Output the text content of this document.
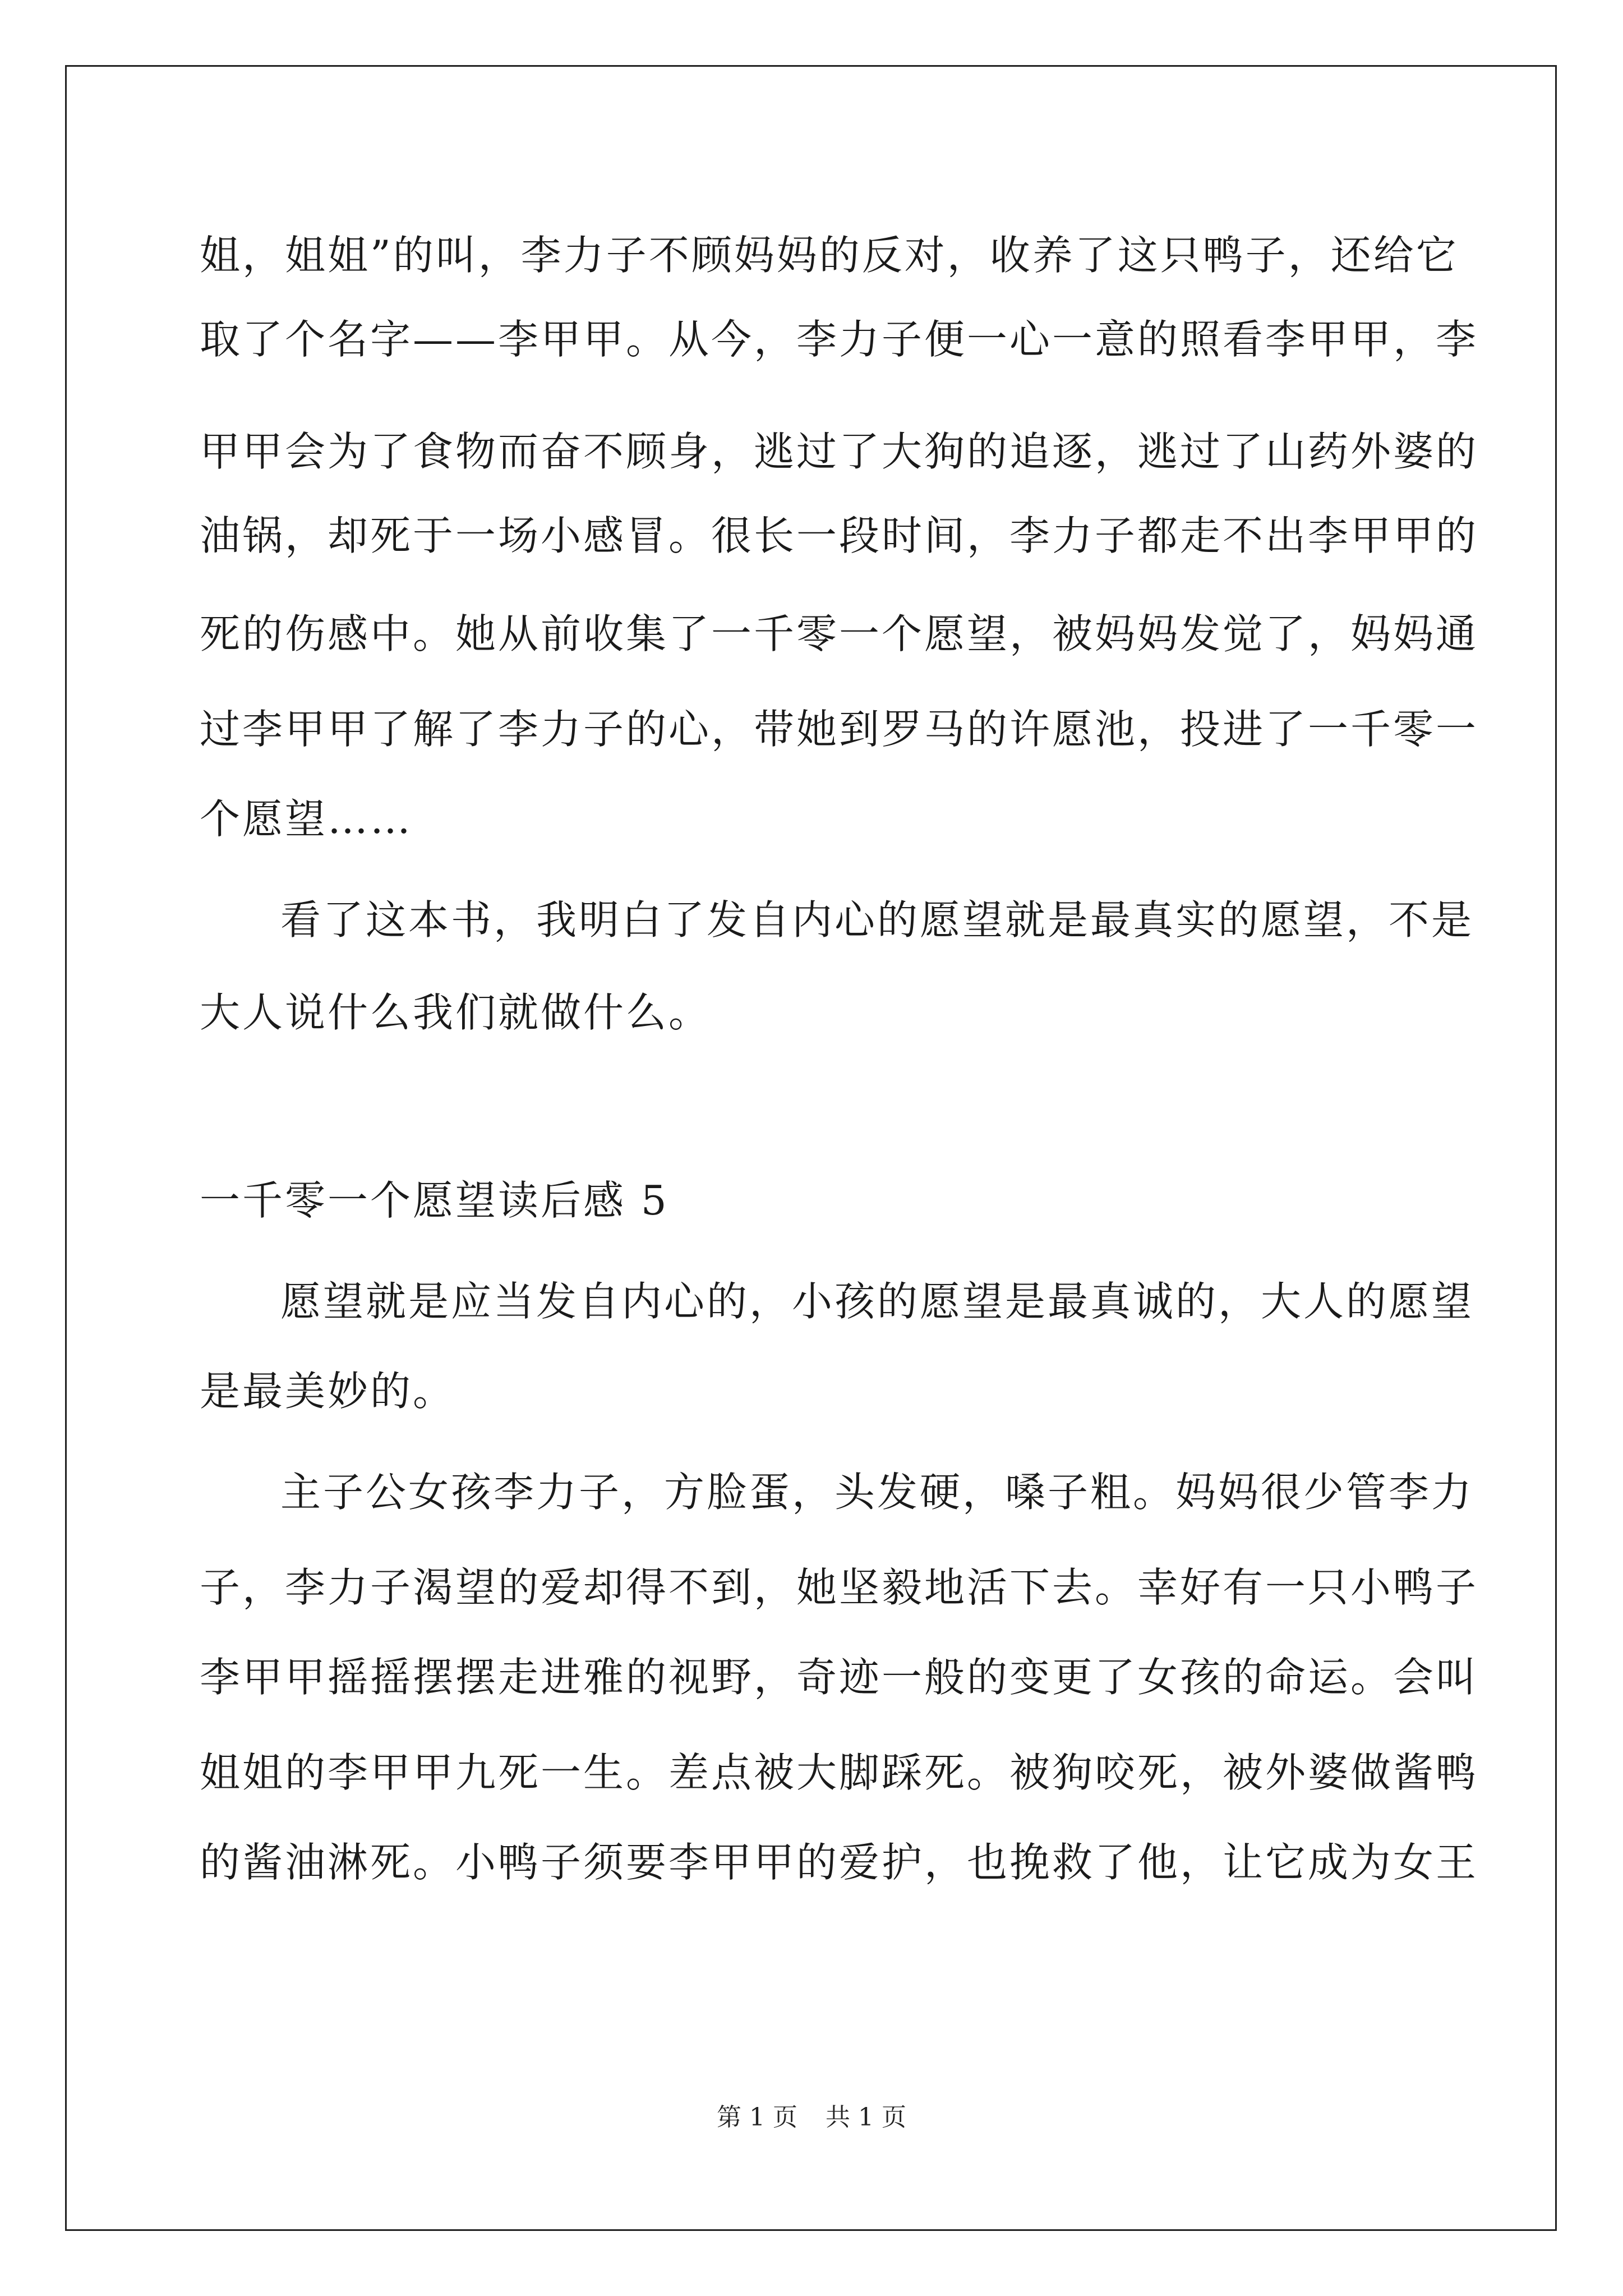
姐，姐姐”的叫，李力子不顾妈妈的反对，收养了这只鸭子，还给它
取了个名字——李甲甲。从今，李力子便一心一意的照看李甲甲，李
甲甲会为了食物而奋不顾身，逃过了大狗的追逐，逃过了山药外婆的
油锅，却死于一场小感冒。很长一段时间，李力子都走不出李甲甲的
死的伤感中。她从前收集了一千零一个愿望，被妈妈发觉了，妈妈通
过李甲甲了解了李力子的心，带她到罗马的许愿池，投进了一千零一
个愿望……
看了这本书，我明白了发自内心的愿望就是最真实的愿望，不是
大人说什么我们就做什么。
一千零一个愿望读后感 5
愿望就是应当发自内心的，小孩的愿望是最真诚的，大人的愿望
是最美妙的。
主子公女孩李力子，方脸蛋，头发硬，嗓子粗。妈妈很少管李力
子，李力子渴望的爱却得不到，她坚毅地活下去。幸好有一只小鸭子
李甲甲摇摇摆摆走进雅的视野，奇迹一般的变更了女孩的命运。会叫
姐姐的李甲甲九死一生。差点被大脚踩死。被狗咬死，被外婆做酱鸭
的酱油淋死。小鸭子须要李甲甲的爱护，也挽救了他，让它成为女王
第 1 页 共 1 页
